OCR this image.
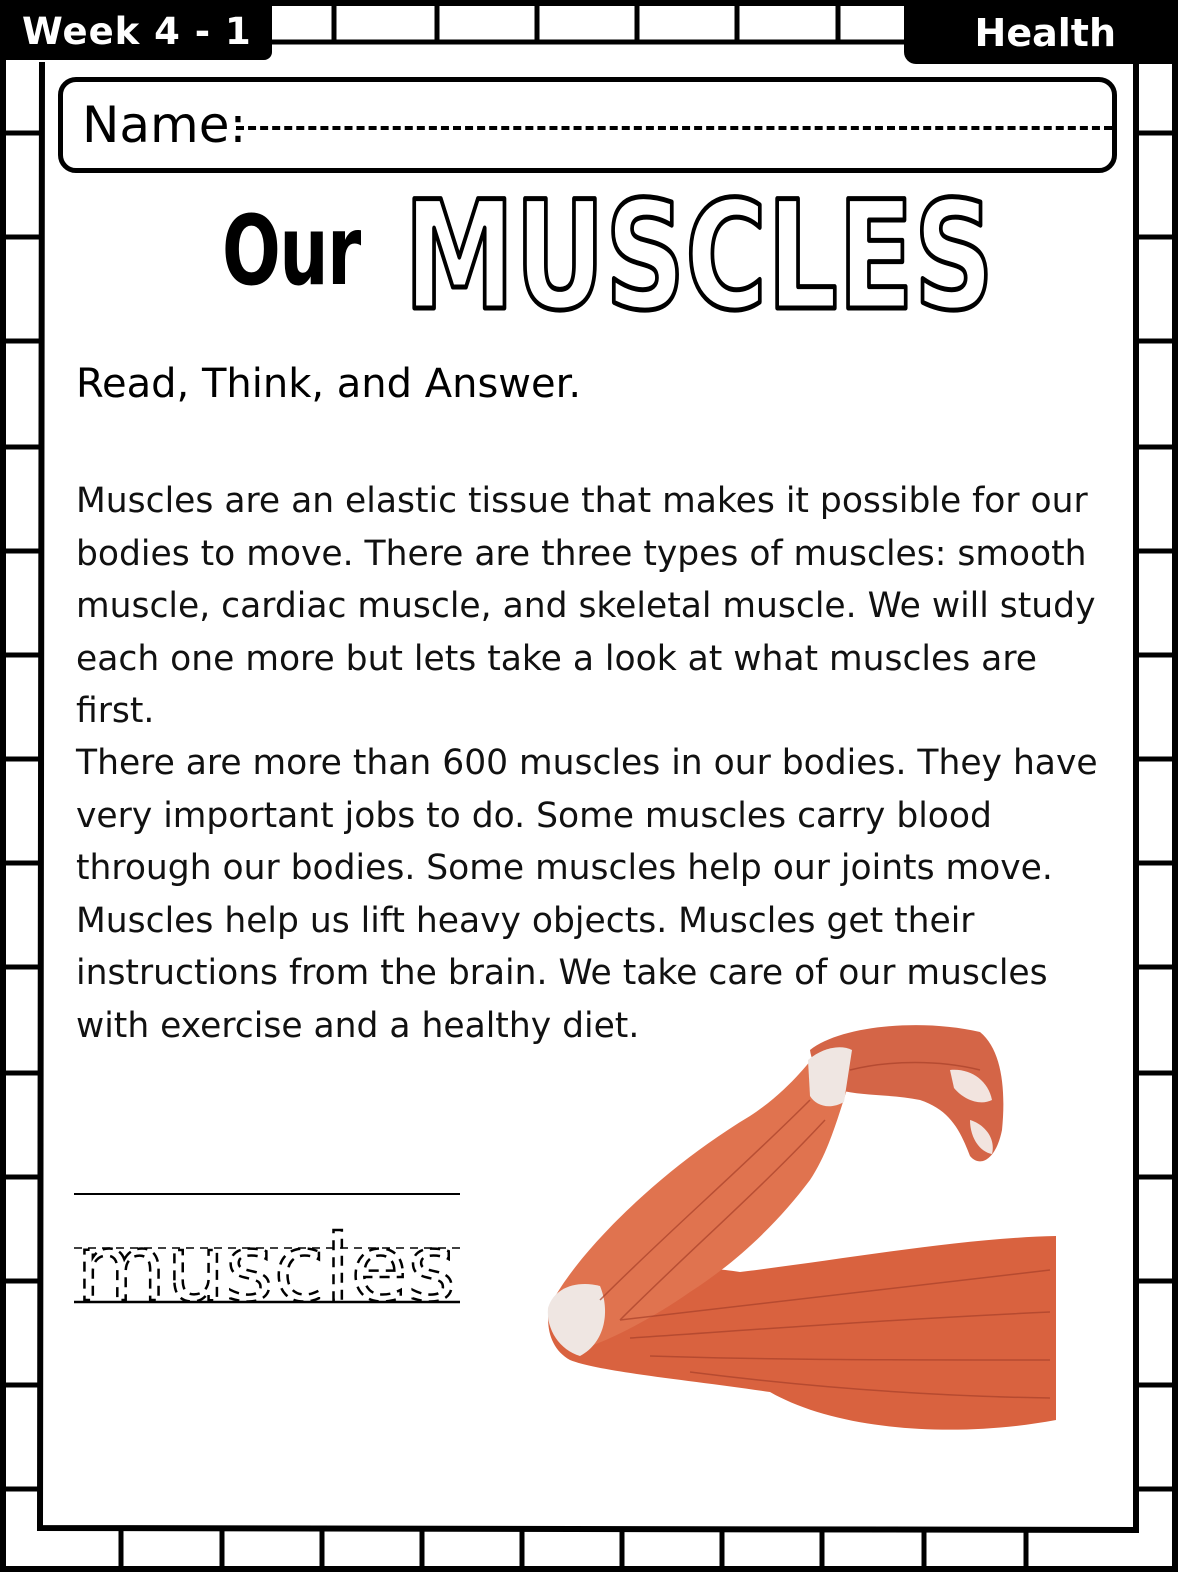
Week 4 - 1	Health
Name:
Our MUSCLES
Read, Think, and Answer.

Muscles are an elastic tissue that makes it possible for our bodies to move. There are three types of muscles: smooth muscle, cardiac muscle, and skeletal muscle. We will study each one more but lets take a look at what muscles are first.

There are more than 600 muscles in our bodies. They have very important jobs to do. Some muscles carry blood through our bodies. Some muscles help our joints move. Muscles help us lift heavy objects. Muscles get their instructions from the brain. We take care of our muscles with exercise and a healthy diet.

muscles
